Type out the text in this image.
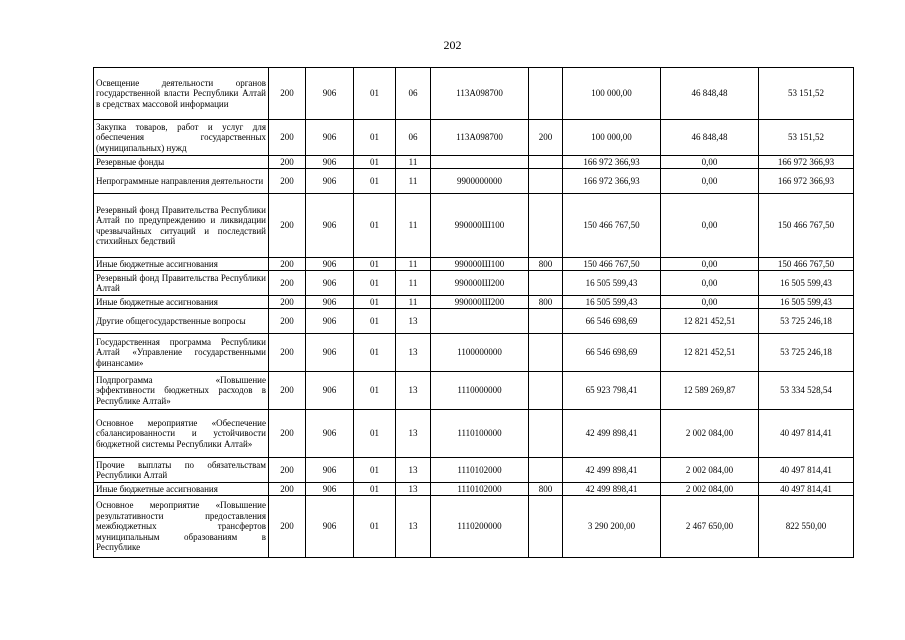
202
Освещение деятельности органов государственной власти Республики Алтай в средствах массовой информации	200	906	01	06	113A098700		100 000,00	46 848,48	53 151,52
Закупка товаров, работ и услуг для обеспечения государственных (муниципальных) нужд	200	906	01	06	113A098700	200	100 000,00	46 848,48	53 151,52
Резервные фонды	200	906	01	11			166 972 366,93	0,00	166 972 366,93
Непрограммные направления деятельности	200	906	01	11	9900000000		166 972 366,93	0,00	166 972 366,93
Резервный фонд Правительства Республики Алтай по предупреждению и ликвидации чрезвычайных ситуаций и последствий стихийных бедствий	200	906	01	11	990000Ш100		150 466 767,50	0,00	150 466 767,50
Иные бюджетные ассигнования	200	906	01	11	990000Ш100	800	150 466 767,50	0,00	150 466 767,50
Резервный фонд Правительства Республики Алтай	200	906	01	11	990000Ш200		16 505 599,43	0,00	16 505 599,43
Иные бюджетные ассигнования	200	906	01	11	990000Ш200	800	16 505 599,43	0,00	16 505 599,43
Другие общегосударственные вопросы	200	906	01	13			66 546 698,69	12 821 452,51	53 725 246,18
Государственная программа Республики Алтай «Управление государственными финансами»	200	906	01	13	1100000000		66 546 698,69	12 821 452,51	53 725 246,18
Подпрограмма «Повышение эффективности бюджетных расходов в Республике Алтай»	200	906	01	13	1110000000		65 923 798,41	12 589 269,87	53 334 528,54
Основное мероприятие «Обеспечение сбалансированности и устойчивости бюджетной системы Республики Алтай»	200	906	01	13	1110100000		42 499 898,41	2 002 084,00	40 497 814,41
Прочие выплаты по обязательствам Республики Алтай	200	906	01	13	1110102000		42 499 898,41	2 002 084,00	40 497 814,41
Иные бюджетные ассигнования	200	906	01	13	1110102000	800	42 499 898,41	2 002 084,00	40 497 814,41
Основное мероприятие «Повышение результативности предоставления межбюджетных трансфертов муниципальным образованиям в Республике	200	906	01	13	1110200000		3 290 200,00	2 467 650,00	822 550,00
